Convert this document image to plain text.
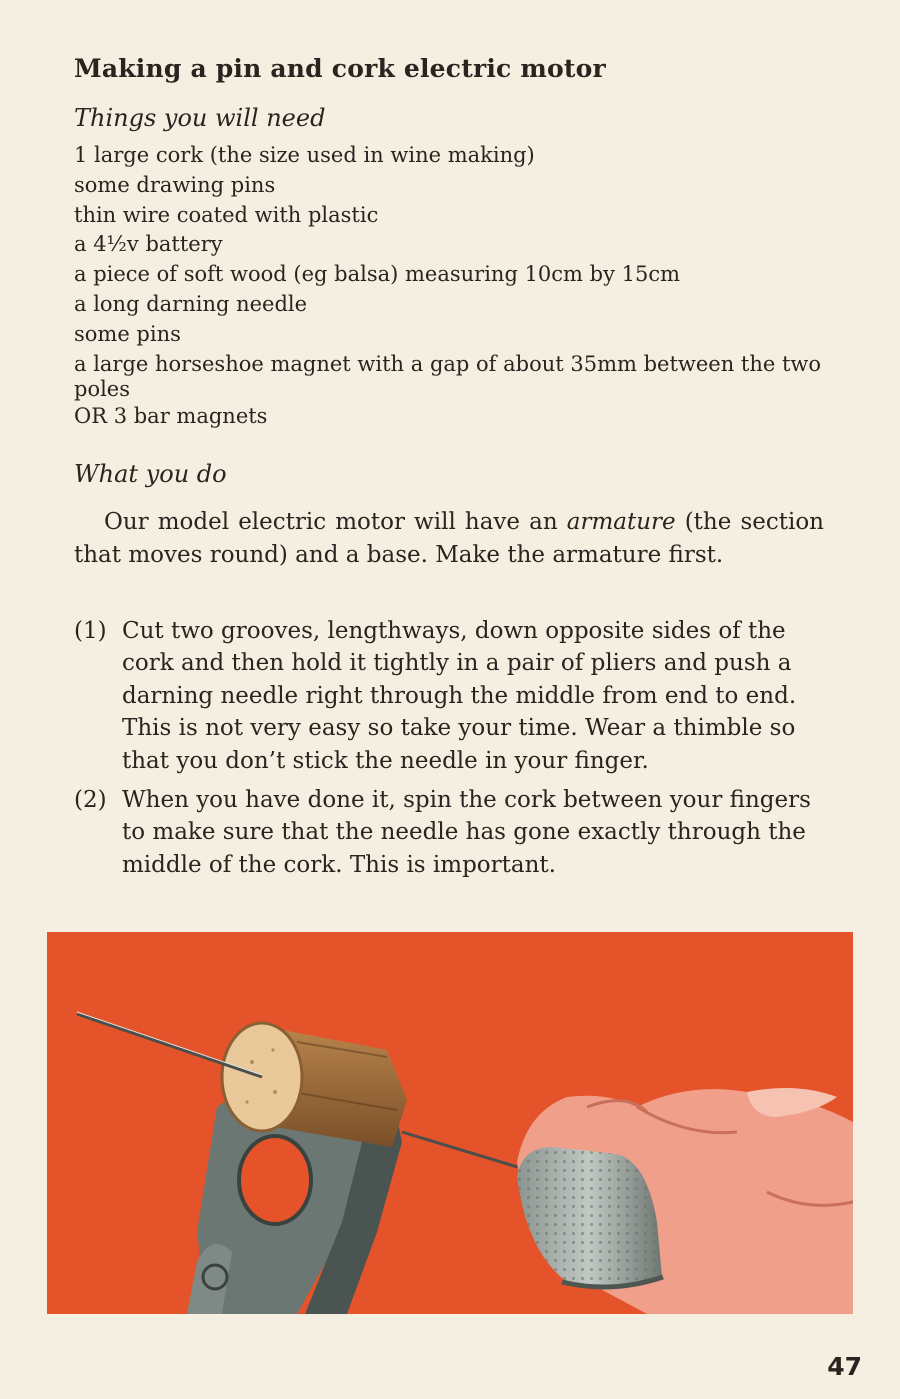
Making a pin and cork electric motor
Things you will need
1 large cork (the size used in wine making)
some drawing pins
thin wire coated with plastic
a 4½v battery
a piece of soft wood (eg balsa) measuring 10cm by 15cm
a long darning needle
some pins
a large horseshoe magnet with a gap of about 35mm between the two poles
OR 3 bar magnets
What you do

Our model electric motor will have an armature (the section that moves round) and a base. Make the armature first.

(1) Cut two grooves, lengthways, down opposite sides of the cork and then hold it tightly in a pair of pliers and push a darning needle right through the middle from end to end. This is not very easy so take your time. Wear a thimble so that you don’t stick the needle in your finger.
(2) When you have done it, spin the cork between your fingers to make sure that the needle has gone exactly through the middle of the cork. This is important.
47
